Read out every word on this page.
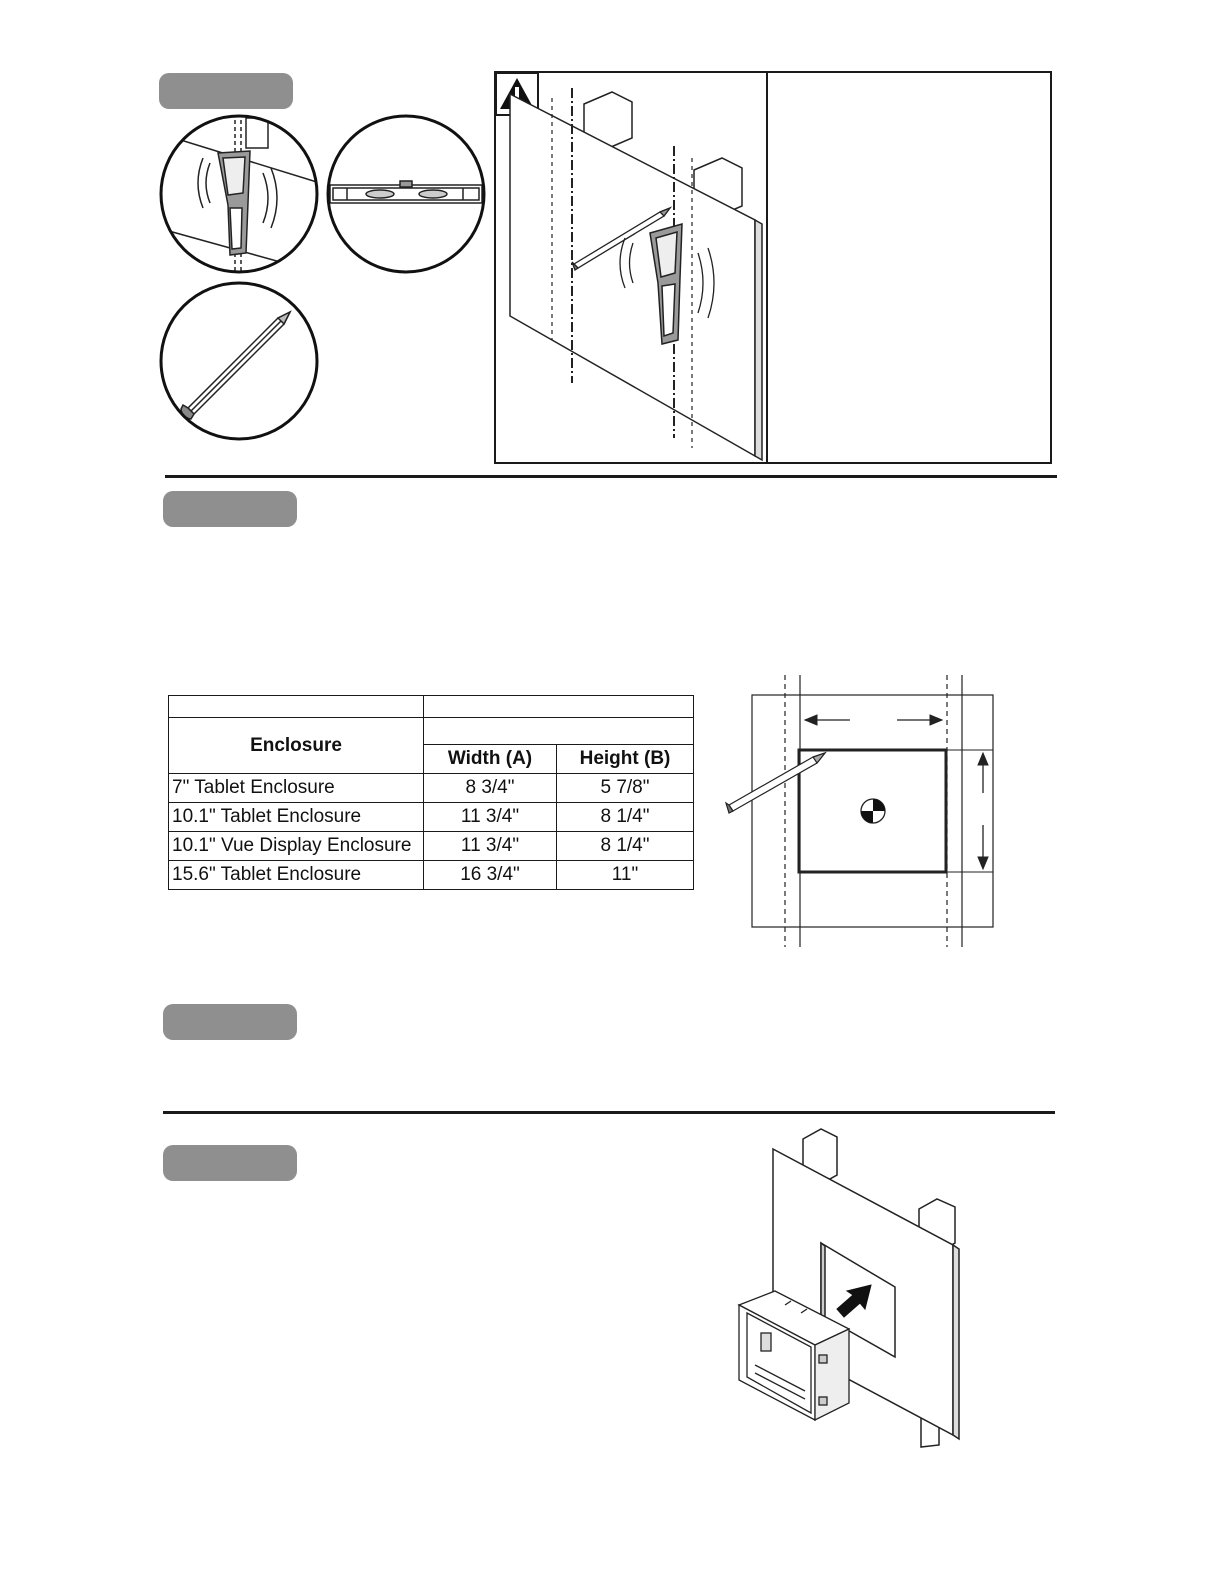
Enclosure		
	Width (A)	Height (B)
7" Tablet Enclosure	8 3/4"	5 7/8"
10.1" Tablet Enclosure	11 3/4"	8 1/4"
10.1" Vue Display Enclosure	11 3/4"	8 1/4"
15.6" Tablet Enclosure	16 3/4"	11"
